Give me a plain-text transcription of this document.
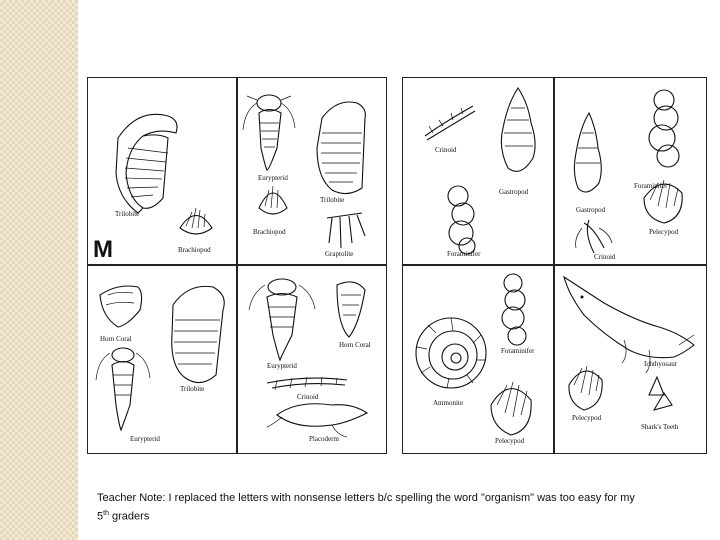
Trilobite
Brachiopod
M
Eurypterid
Trilobite
Brachiopod
Graptolite
Horn Coral
Trilobite
Eurypterid
Eurypterid
Horn Coral
Crinoid
Placoderm
Crinoid
Gastropod
Foraminifer
Foraminifer
Gastropod
Pelecypod
Crinoid
Foraminifer
Ammonite
Pelecypod
Ichthyosaur
Pelecypod
Shark's Teeth
Teacher Note: I replaced the letters with nonsense letters b/c spelling the word "organism" was too easy for my
5th graders
